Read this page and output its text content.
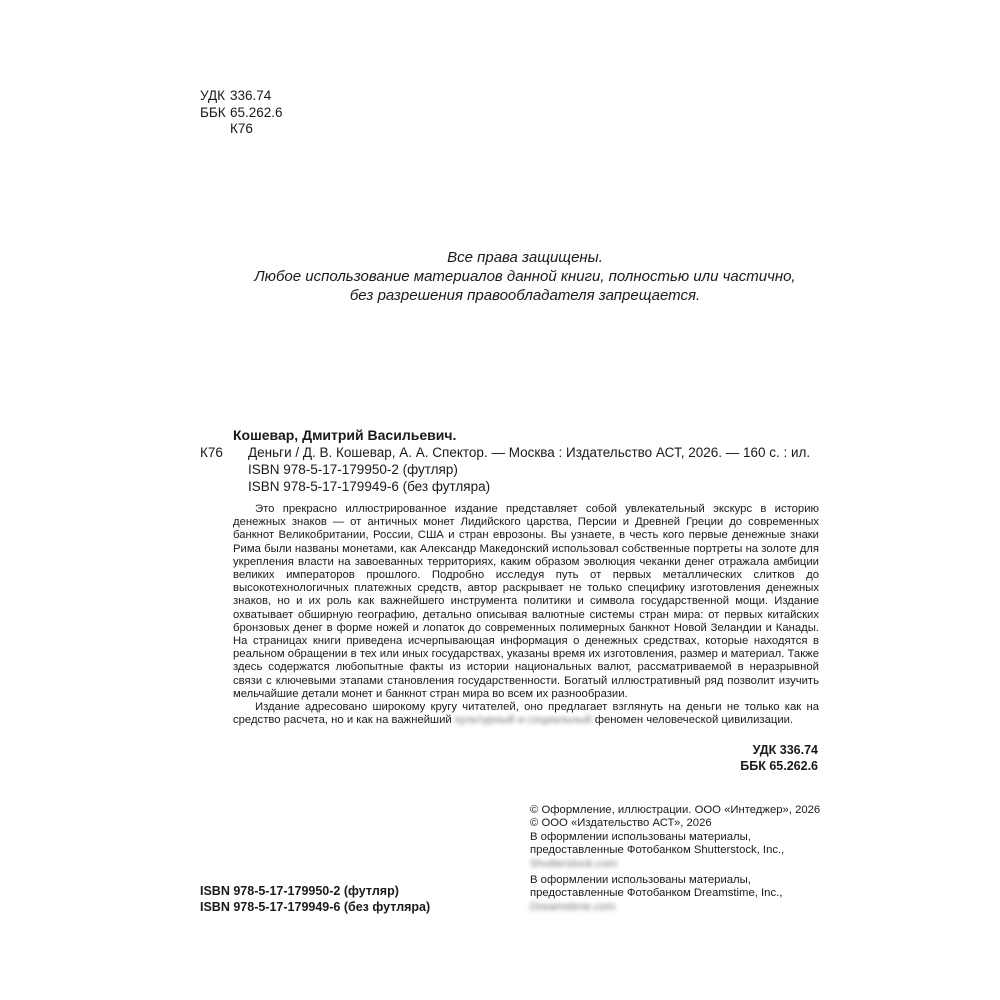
УДК 336.74
ББК 65.262.6
К76
Все права защищены.
Любое использование материалов данной книги, полностью или частично,
без разрешения правообладателя запрещается.
Кошевар, Дмитрий Васильевич.
К76 Деньги / Д. В. Кошевар, А. А. Спектор. — Москва : Издательство АСТ, 2026. — 160 с. : ил.
ISBN 978-5-17-179950-2 (футляр)
ISBN 978-5-17-179949-6 (без футляра)

Это прекрасно иллюстрированное издание представляет собой увлекательный экскурс в историю денежных знаков — от античных монет Лидийского царства, Персии и Древней Греции до современных банкнот Великобритании, России, США и стран еврозоны. Вы узнаете, в честь кого первые денежные знаки Рима были названы монетами, как Александр Македонский использовал собственные портреты на золоте для укрепления власти на завоеванных территориях, каким образом эволюция чеканки денег отражала амбиции великих императоров прошлого. Подробно исследуя путь от первых металлических слитков до высокотехнологичных платежных средств, автор раскрывает не только специфику изготовления денежных знаков, но и их роль как важнейшего инструмента политики и символа государственной мощи. Издание охватывает обширную географию, детально описывая валютные системы стран мира: от первых китайских бронзовых денег в форме ножей и лопаток до современных полимерных банкнот Новой Зеландии и Канады. На страницах книги приведена исчерпывающая информация о денежных средствах, которые находятся в реальном обращении в тех или иных государствах, указаны время их изготовления, размер и материал. Также здесь содержатся любопытные факты из истории национальных валют, рассматриваемой в неразрывной связи с ключевыми этапами становления государственности. Богатый иллюстративный ряд позволит изучить мельчайшие детали монет и банкнот стран мира во всем их разнообразии.

Издание адресовано широкому кругу читателей, оно предлагает взглянуть на деньги не только как на средство расчета, но и как на важнейший культурный и социальный феномен человеческой цивилизации.

УДК 336.74
ББК 65.262.6
© Оформление, иллюстрации. ООО «Интеджер», 2026
© ООО «Издательство АСТ», 2026
В оформлении использованы материалы,
предоставленные Фотобанком Shutterstock, Inc.,
Shutterstock.com
В оформлении использованы материалы,
предоставленные Фотобанком Dreamstime, Inc.,
Dreamstime.com
ISBN 978-5-17-179950-2 (футляр)
ISBN 978-5-17-179949-6 (без футляра)
